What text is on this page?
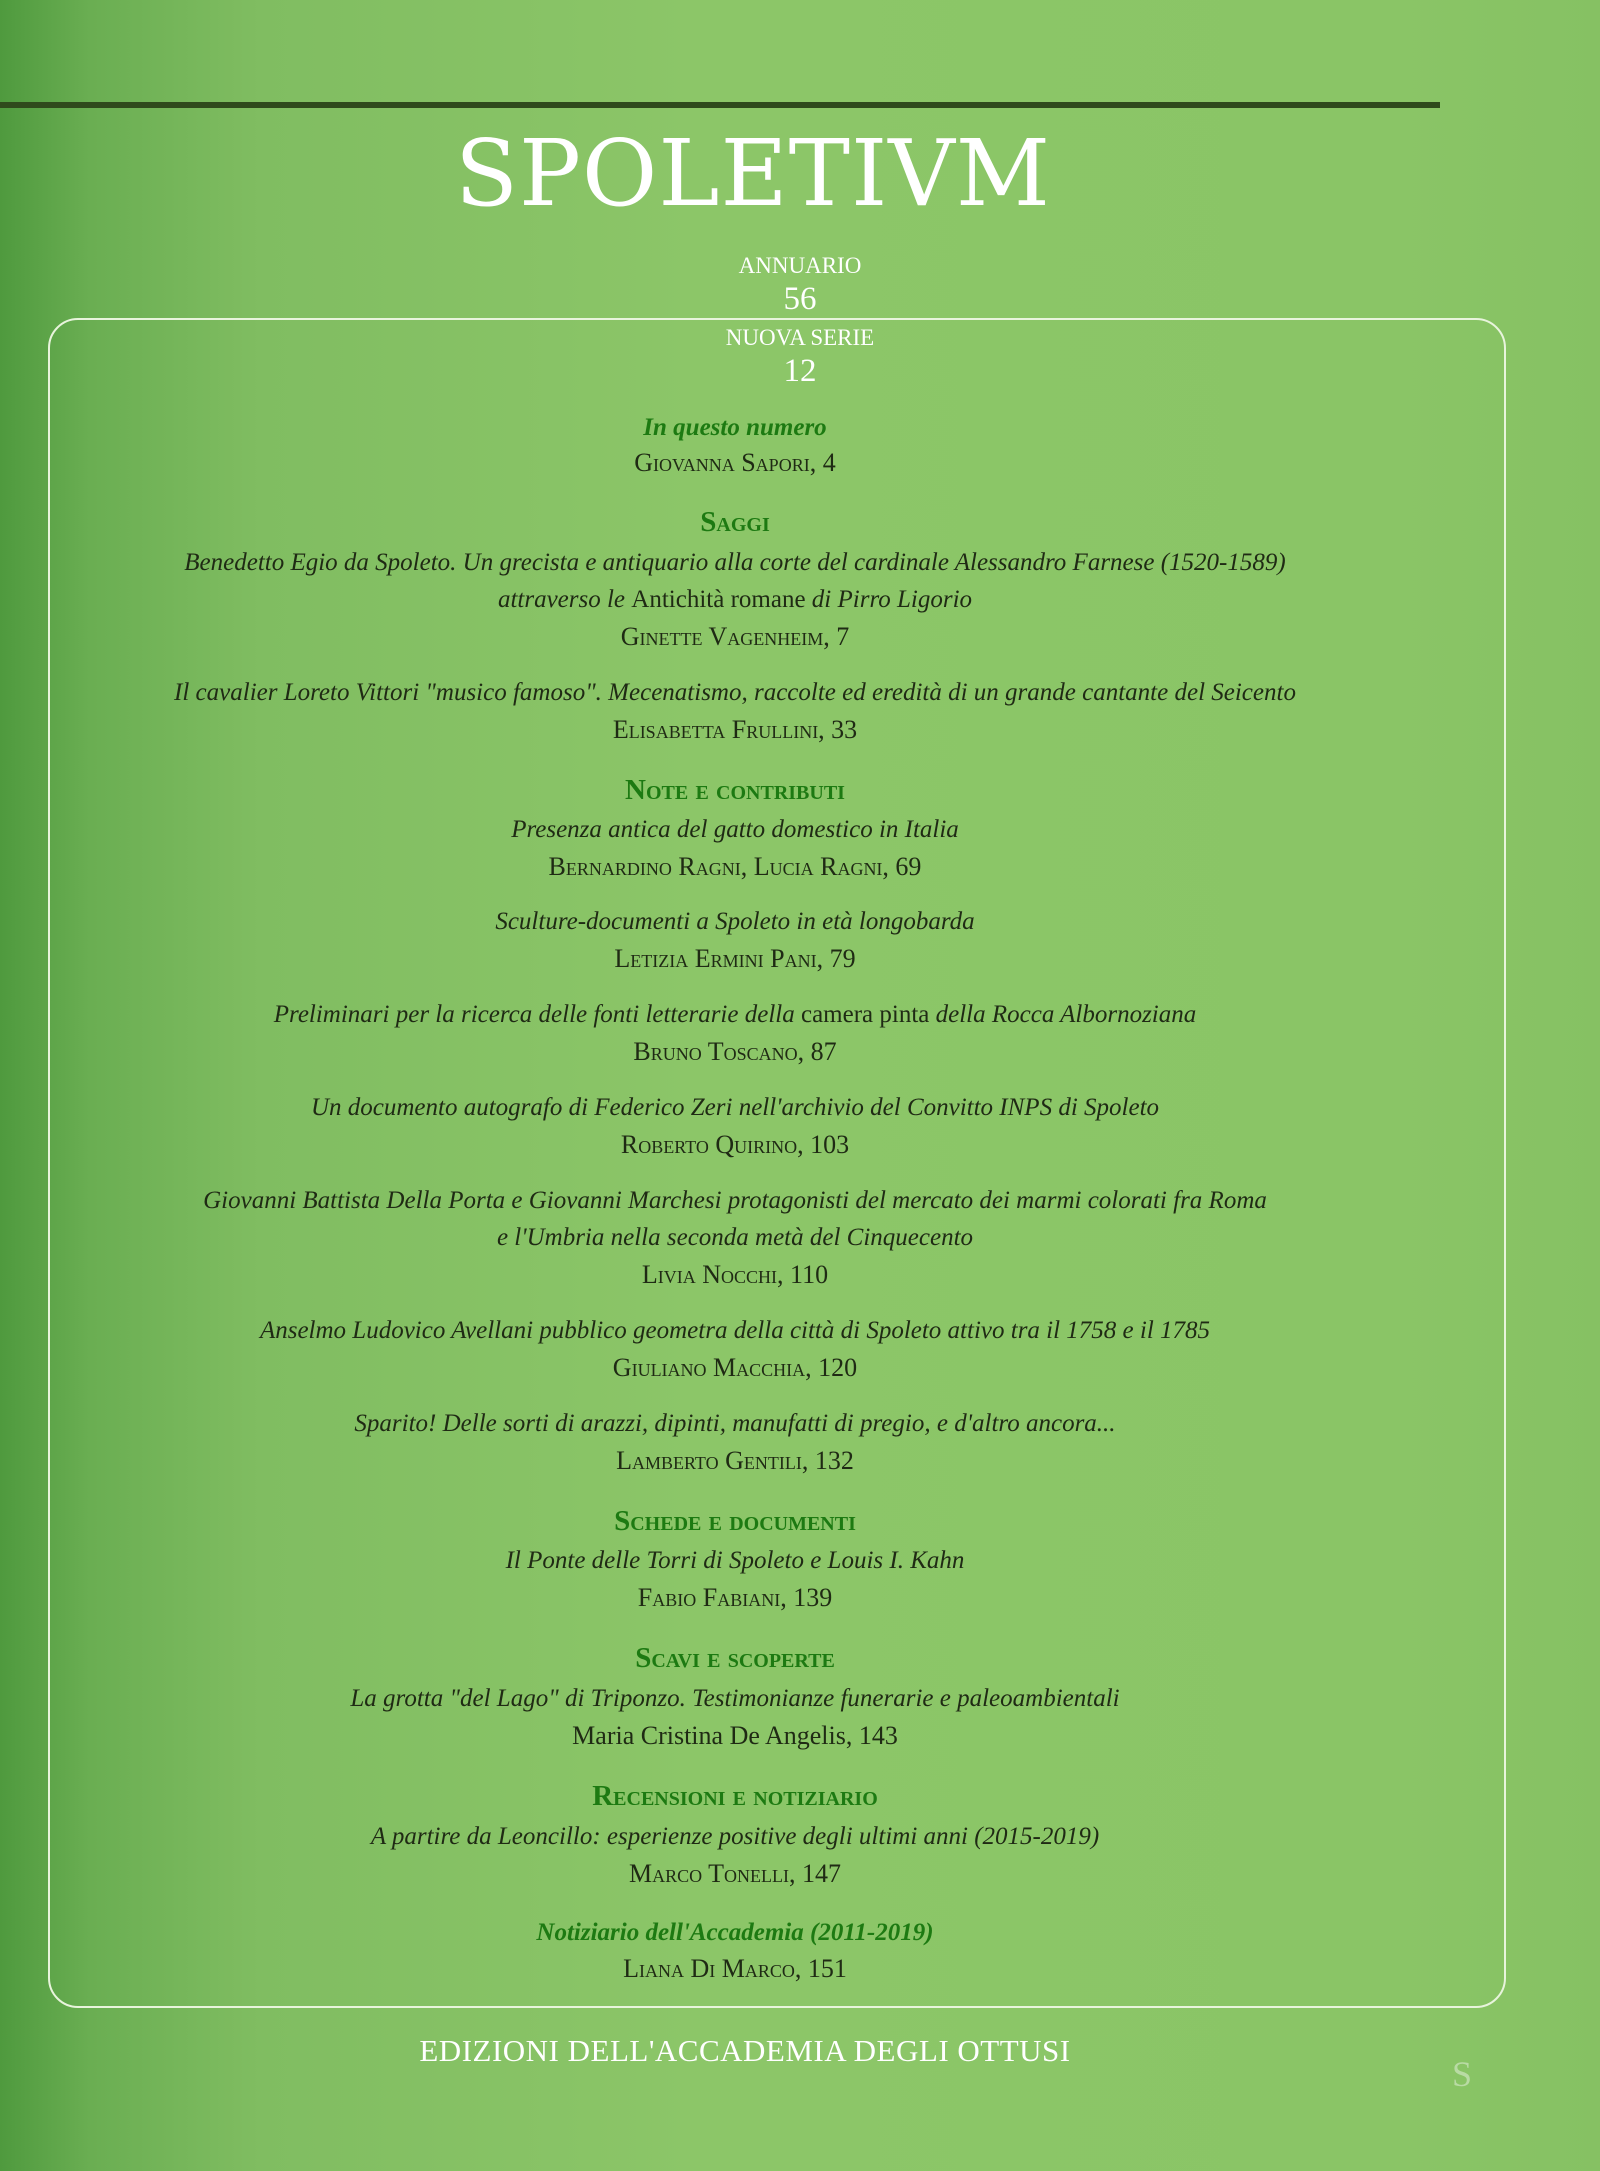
SPOLETIVM
ANNUARIO
56
NUOVA SERIE
12
In questo numero
Giovanna Sapori, 4
Saggi
Benedetto Egio da Spoleto. Un grecista e antiquario alla corte del cardinale Alessandro Farnese (1520-1589)
attraverso le Antichità romane di Pirro Ligorio
Ginette Vagenheim, 7
Il cavalier Loreto Vittori "musico famoso". Mecenatismo, raccolte ed eredità di un grande cantante del Seicento
Elisabetta Frullini, 33
Note e contributi
Presenza antica del gatto domestico in Italia
Bernardino Ragni, Lucia Ragni, 69
Sculture-documenti a Spoleto in età longobarda
Letizia Ermini Pani, 79
Preliminari per la ricerca delle fonti letterarie della camera pinta della Rocca Albornoziana
Bruno Toscano, 87
Un documento autografo di Federico Zeri nell'archivio del Convitto INPS di Spoleto
Roberto Quirino, 103
Giovanni Battista Della Porta e Giovanni Marchesi protagonisti del mercato dei marmi colorati fra Roma
e l'Umbria nella seconda metà del Cinquecento
Livia Nocchi, 110
Anselmo Ludovico Avellani pubblico geometra della città di Spoleto attivo tra il 1758 e il 1785
Giuliano Macchia, 120
Sparito! Delle sorti di arazzi, dipinti, manufatti di pregio, e d'altro ancora...
Lamberto Gentili, 132
Schede e documenti
Il Ponte delle Torri di Spoleto e Louis I. Kahn
Fabio Fabiani, 139
Scavi e scoperte
La grotta "del Lago" di Triponzo. Testimonianze funerarie e paleoambientali
Maria Cristina De Angelis, 143
Recensioni e notiziario
A partire da Leoncillo: esperienze positive degli ultimi anni (2015-2019)
Marco Tonelli, 147
Notiziario dell'Accademia (2011-2019)
Liana Di Marco, 151
EDIZIONI DELL'ACCADEMIA DEGLI OTTUSI
S
